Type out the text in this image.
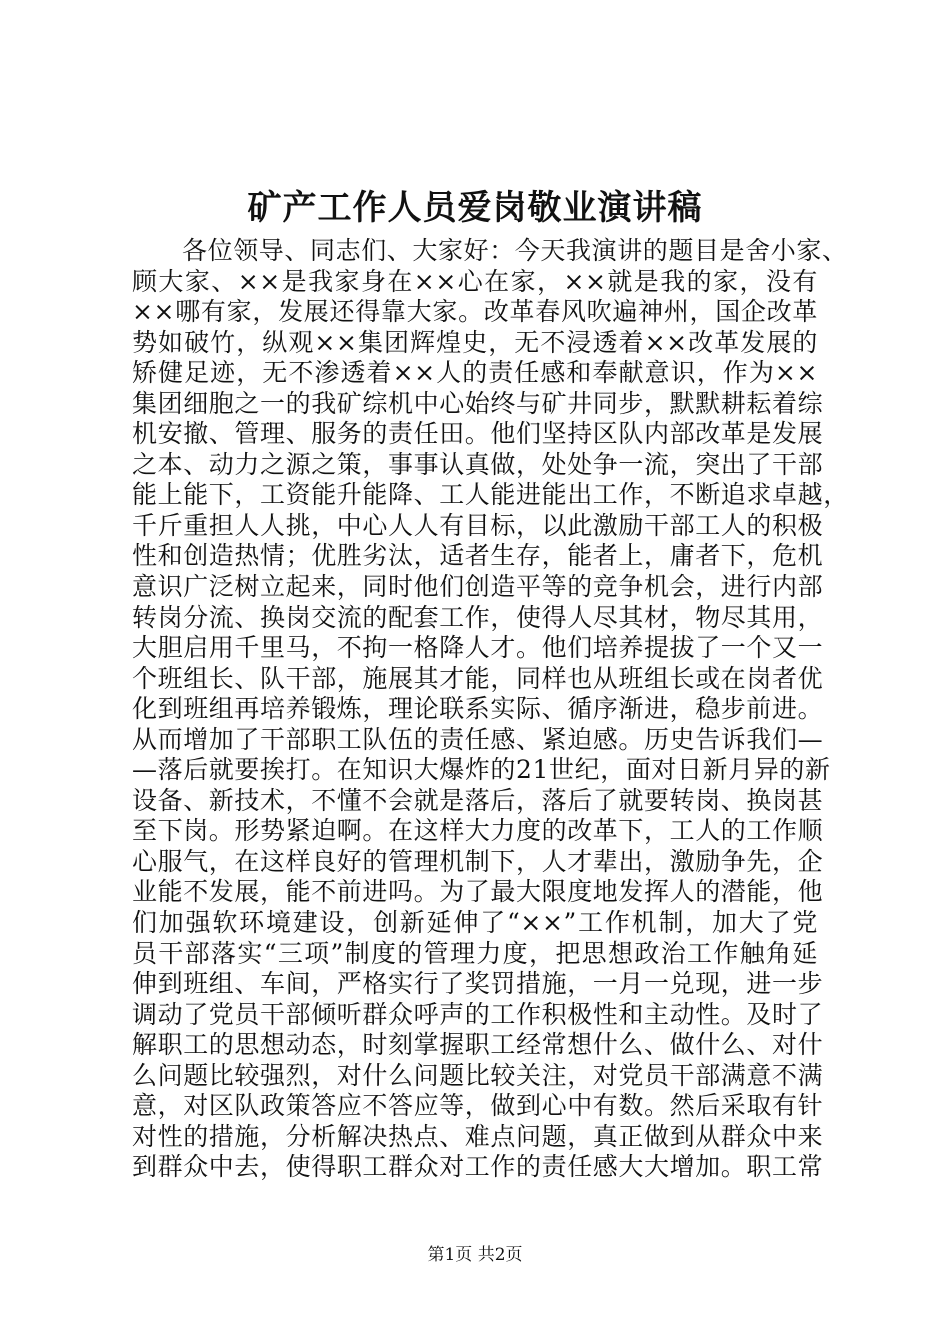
矿产工作人员爱岗敬业演讲稿
各位领导、同志们、大家好：今天我演讲的题目是舍小家、
顾大家、××是我家身在××心在家，××就是我的家，没有
××哪有家，发展还得靠大家。改革春风吹遍神州，国企改革
势如破竹，纵观××集团辉煌史，无不浸透着××改革发展的
矫健足迹，无不渗透着××人的责任感和奉献意识，作为××
集团细胞之一的我矿综机中心始终与矿井同步，默默耕耘着综
机安撤、管理、服务的责任田。他们坚持区队内部改革是发展
之本、动力之源之策，事事认真做，处处争一流，突出了干部
能上能下，工资能升能降、工人能进能出工作，不断追求卓越，
千斤重担人人挑，中心人人有目标，以此激励干部工人的积极
性和创造热情；优胜劣汰，适者生存，能者上，庸者下，危机
意识广泛树立起来，同时他们创造平等的竞争机会，进行内部
转岗分流、换岗交流的配套工作，使得人尽其材，物尽其用，
大胆启用千里马，不拘一格降人才。他们培养提拔了一个又一
个班组长、队干部，施展其才能，同样也从班组长或在岗者优
化到班组再培养锻炼，理论联系实际、循序渐进，稳步前进。
从而增加了干部职工队伍的责任感、紧迫感。历史告诉我们—
—落后就要挨打。在知识大爆炸的21世纪，面对日新月异的新
设备、新技术，不懂不会就是落后，落后了就要转岗、换岗甚
至下岗。形势紧迫啊。在这样大力度的改革下，工人的工作顺
心服气，在这样良好的管理机制下，人才辈出，激励争先，企
业能不发展，能不前进吗。为了最大限度地发挥人的潜能，他
们加强软环境建设，创新延伸了“××”工作机制，加大了党
员干部落实“三项”制度的管理力度，把思想政治工作触角延
伸到班组、车间，严格实行了奖罚措施，一月一兑现，进一步
调动了党员干部倾听群众呼声的工作积极性和主动性。及时了
解职工的思想动态，时刻掌握职工经常想什么、做什么、对什
么问题比较强烈，对什么问题比较关注，对党员干部满意不满
意，对区队政策答应不答应等，做到心中有数。然后采取有针
对性的措施，分析解决热点、难点问题，真正做到从群众中来
到群众中去，使得职工群众对工作的责任感大大增加。职工常
第1页 共2页
